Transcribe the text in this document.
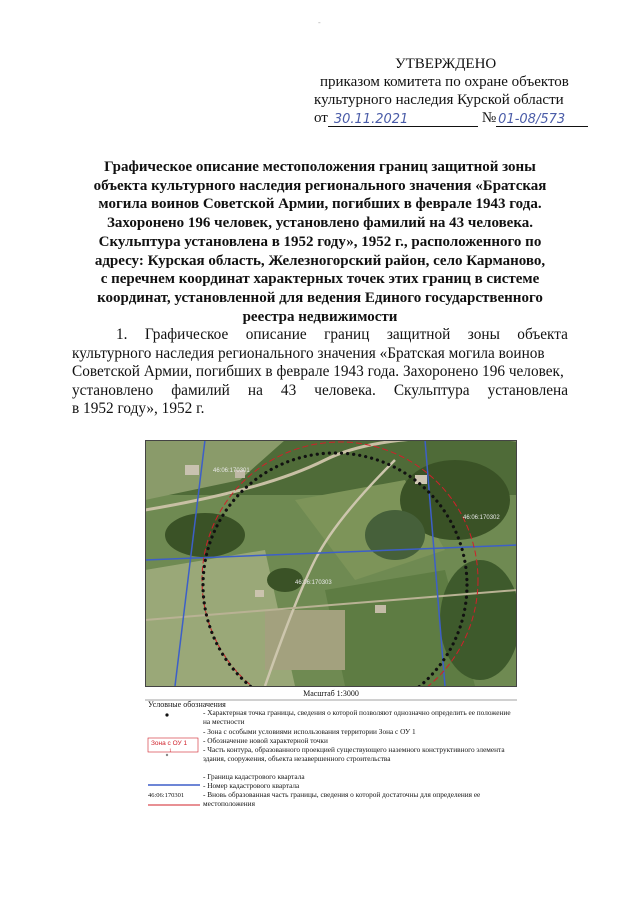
-
УТВЕРЖДЕНО
приказом комитета по охране объектов
культурного наследия Курской области
от 30.11.2021	№ 01-08/573
Графическое описание местоположения границ защитной зоны
объекта культурного наследия регионального значения «Братская
могила воинов Советской Армии, погибших в феврале 1943 года.
Захоронено 196 человек, установлено фамилий на 43 человека.
Скульптура установлена в 1952 году», 1952 г., расположенного по
адресу: Курская область, Железногорский район, село Карманово,
с перечнем координат характерных точек этих границ в системе
координат, установленной для ведения Единого государственного
реестра недвижимости
1. Графическое описание границ защитной зоны объекта
культурного наследия регионального значения «Братская могила воинов
Советской Армии, погибших в феврале 1943 года. Захоронено 196 человек,
установлено фамилий на 43 человека. Скульптура установлена
в 1952 году», 1952 г.
46:06:170301
46:06:170303
46:06:170302
Масштаб 1:3000
Условные обозначения
Зона с ОУ 1
1
46:06:170301
- Характерная точка границы, сведения о которой позволяют однозначно определить ее положение на местности
- Зона с особыми условиями использования территории Зона с ОУ 1
- Обозначение новой характерной точки
- Часть контура, образованного проекцией существующего наземного конструктивного элемента здания, сооружения, объекта незавершенного строительства
- Граница кадастрового квартала
- Номер кадастрового квартала
- Вновь образованная часть границы, сведения о которой достаточны для определения ее местоположения
